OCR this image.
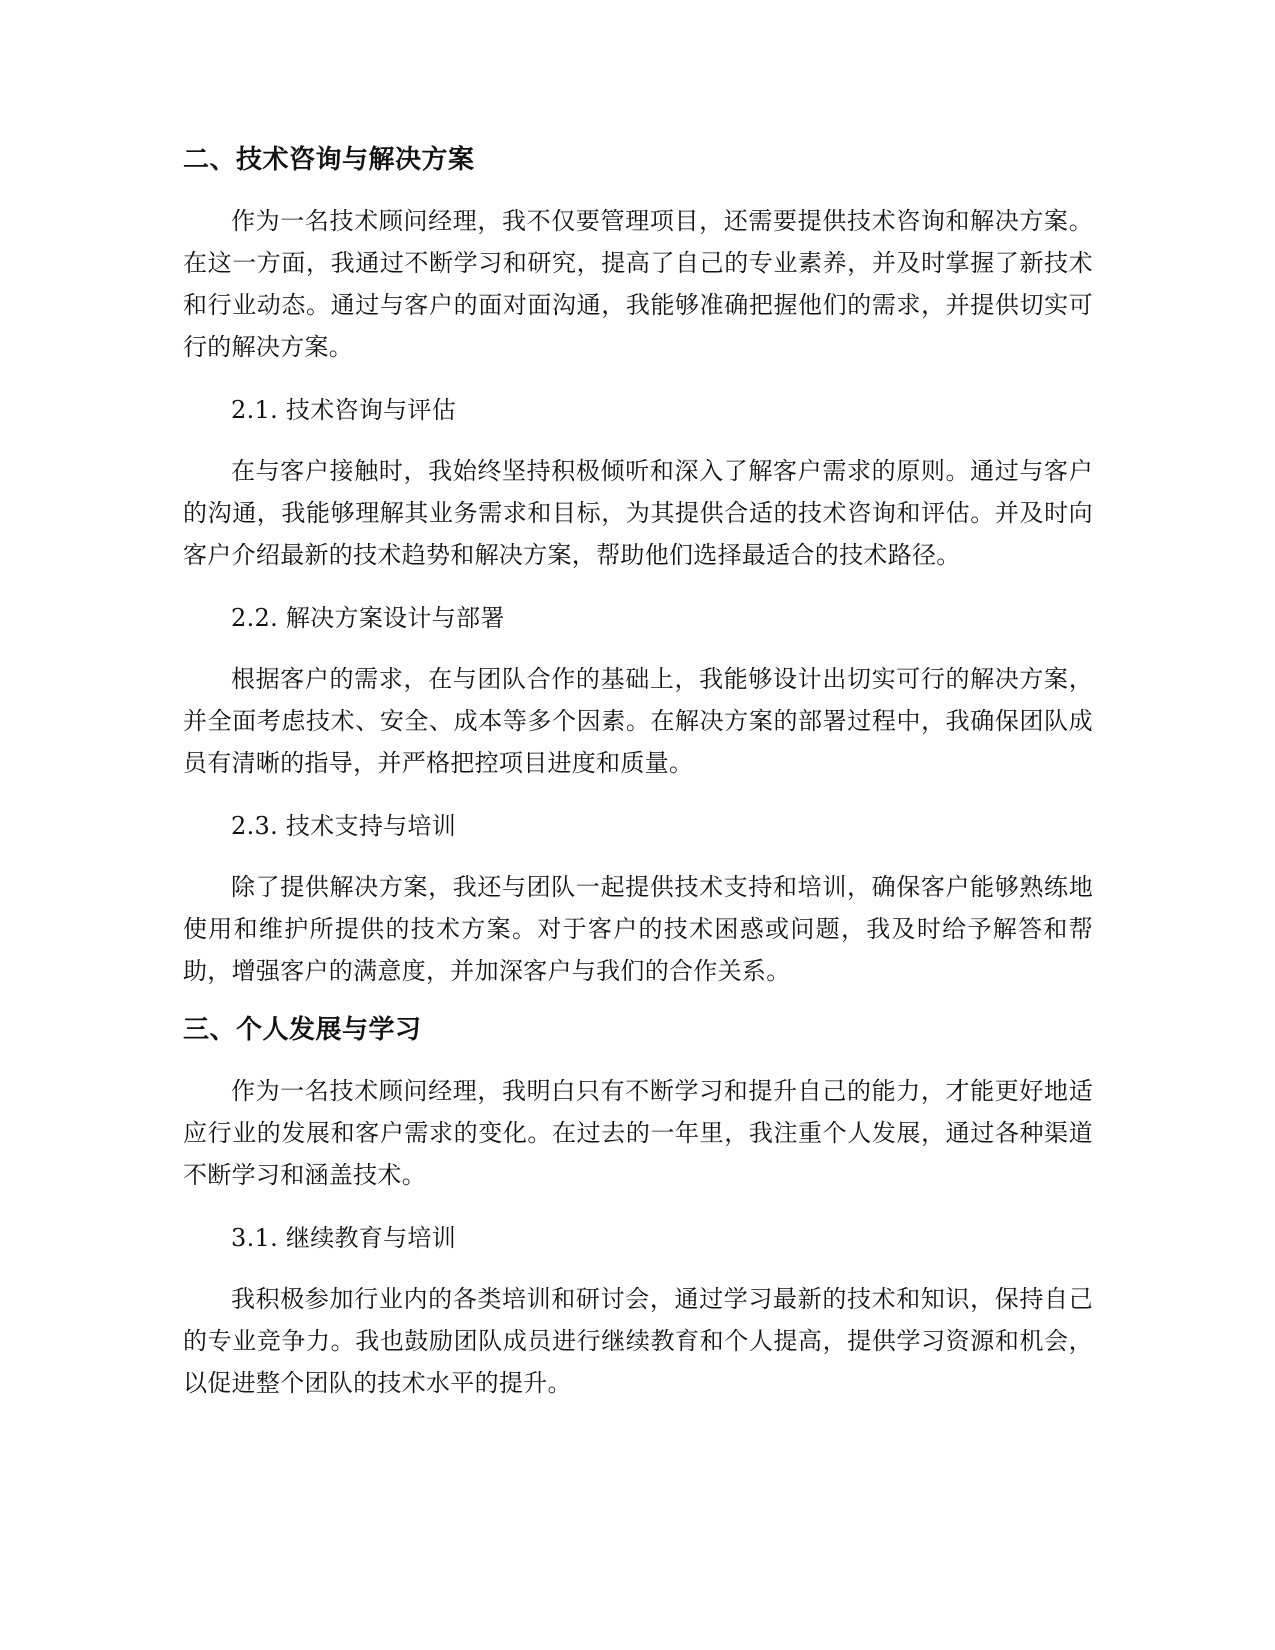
二、技术咨询与解决方案

作为一名技术顾问经理，我不仅要管理项目，还需要提供技术咨询和解决方案。在这一方面，我通过不断学习和研究，提高了自己的专业素养，并及时掌握了新技术和行业动态。通过与客户的面对面沟通，我能够准确把握他们的需求，并提供切实可行的解决方案。

2.1. 技术咨询与评估

在与客户接触时，我始终坚持积极倾听和深入了解客户需求的原则。通过与客户的沟通，我能够理解其业务需求和目标，为其提供合适的技术咨询和评估。并及时向客户介绍最新的技术趋势和解决方案，帮助他们选择最适合的技术路径。

2.2. 解决方案设计与部署

根据客户的需求，在与团队合作的基础上，我能够设计出切实可行的解决方案，并全面考虑技术、安全、成本等多个因素。在解决方案的部署过程中，我确保团队成员有清晰的指导，并严格把控项目进度和质量。

2.3. 技术支持与培训

除了提供解决方案，我还与团队一起提供技术支持和培训，确保客户能够熟练地使用和维护所提供的技术方案。对于客户的技术困惑或问题，我及时给予解答和帮助，增强客户的满意度，并加深客户与我们的合作关系。

三、个人发展与学习

作为一名技术顾问经理，我明白只有不断学习和提升自己的能力，才能更好地适应行业的发展和客户需求的变化。在过去的一年里，我注重个人发展，通过各种渠道不断学习和涵盖技术。

3.1. 继续教育与培训

我积极参加行业内的各类培训和研讨会，通过学习最新的技术和知识，保持自己的专业竞争力。我也鼓励团队成员进行继续教育和个人提高，提供学习资源和机会，以促进整个团队的技术水平的提升。
